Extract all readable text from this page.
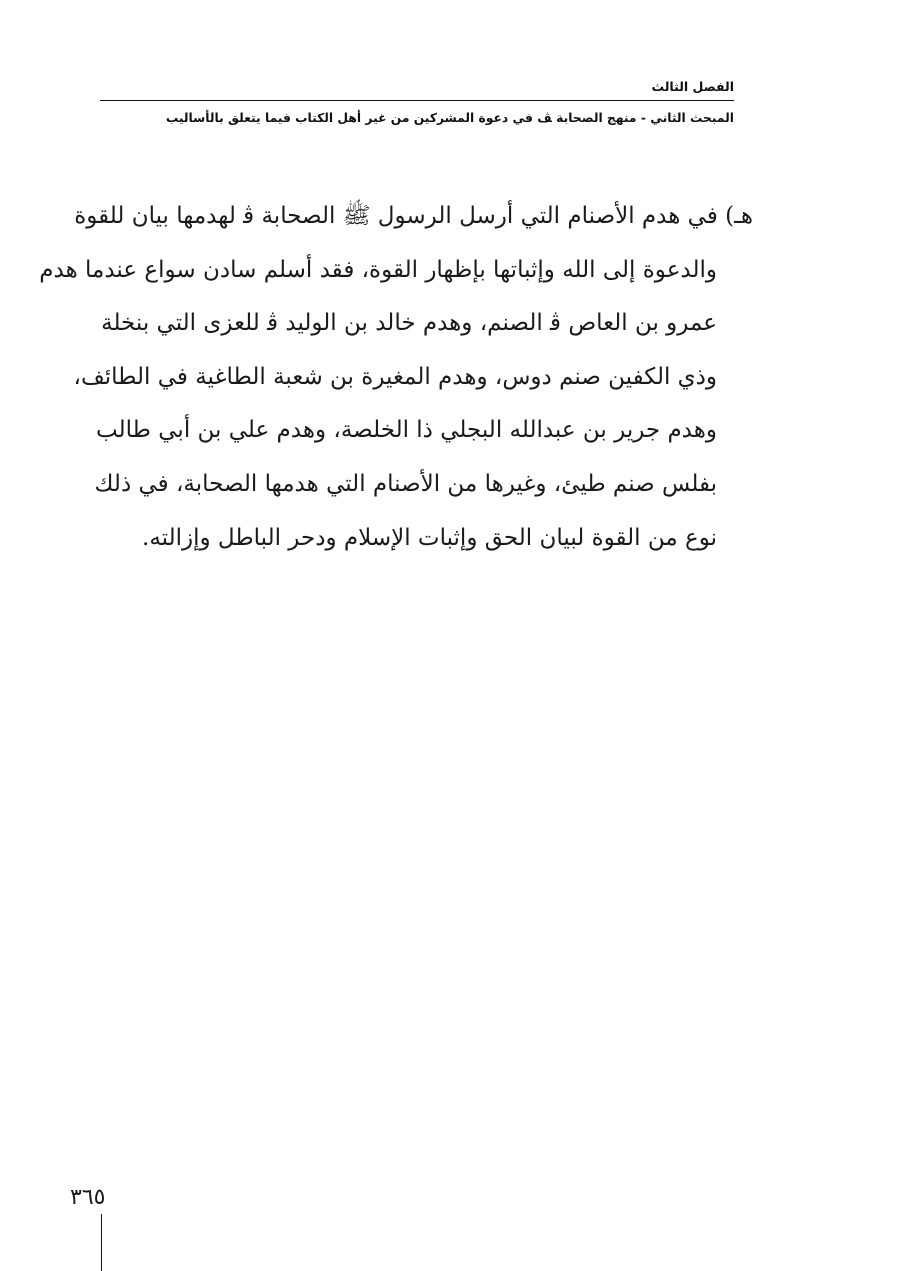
الفصل الثالث
المبحث الثاني - منهج الصحابة ﭫ في دعوة المشركين من غير أهل الكتاب فيما يتعلق بالأساليب
هـ) في هدم الأصنام التي أرسل الرسول ﷺ الصحابة ﭬ لهدمها بيان للقوة
والدعوة إلى الله وإثباتها بإظهار القوة، فقد أسلم سادن سواع عندما هدم
عمرو بن العاص ﭬ الصنم، وهدم خالد بن الوليد ﭬ للعزى التي بنخلة
وذي الكفين صنم دوس، وهدم المغيرة بن شعبة الطاغية في الطائف،
وهدم جرير بن عبدالله البجلي ذا الخلصة، وهدم علي بن أبي طالب
بفلس صنم طيئ، وغيرها من الأصنام التي هدمها الصحابة، في ذلك
نوع من القوة لبيان الحق وإثبات الإسلام ودحر الباطل وإزالته.
٣٦٥
